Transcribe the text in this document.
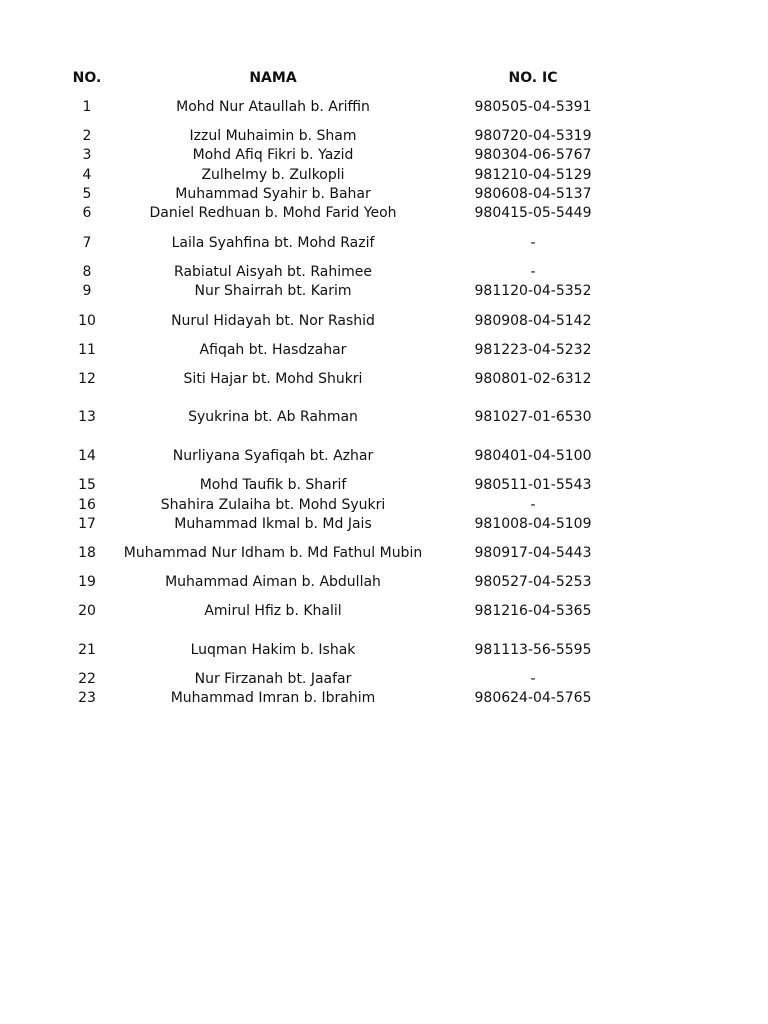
NO.	NAMA	NO. IC
1	Mohd Nur Ataullah b. Ariffin	980505-04-5391
2	Izzul Muhaimin b. Sham	980720-04-5319
3	Mohd Afiq Fikri b. Yazid	980304-06-5767
4	Zulhelmy b. Zulkopli	981210-04-5129
5	Muhammad Syahir b. Bahar	980608-04-5137
6	Daniel Redhuan b. Mohd Farid Yeoh	980415-05-5449
7	Laila Syahfina bt. Mohd Razif	-
8	Rabiatul Aisyah bt. Rahimee	-
9	Nur Shairrah bt. Karim	981120-04-5352
10	Nurul Hidayah bt. Nor Rashid	980908-04-5142
11	Afiqah bt. Hasdzahar	981223-04-5232
12	Siti Hajar bt. Mohd Shukri	980801-02-6312
13	Syukrina bt. Ab Rahman	981027-01-6530
14	Nurliyana Syafiqah bt. Azhar	980401-04-5100
15	Mohd Taufik b. Sharif	980511-01-5543
16	Shahira Zulaiha bt. Mohd Syukri	-
17	Muhammad Ikmal b. Md Jais	981008-04-5109
18 Muhammad Nur Idham b. Md Fathul Mubin	980917-04-5443
19	Muhammad Aiman b. Abdullah	980527-04-5253
20	Amirul Hfiz b. Khalil	981216-04-5365
21	Luqman Hakim b. Ishak	981113-56-5595
22	Nur Firzanah bt. Jaafar	-
23	Muhammad Imran b. Ibrahim	980624-04-5765
